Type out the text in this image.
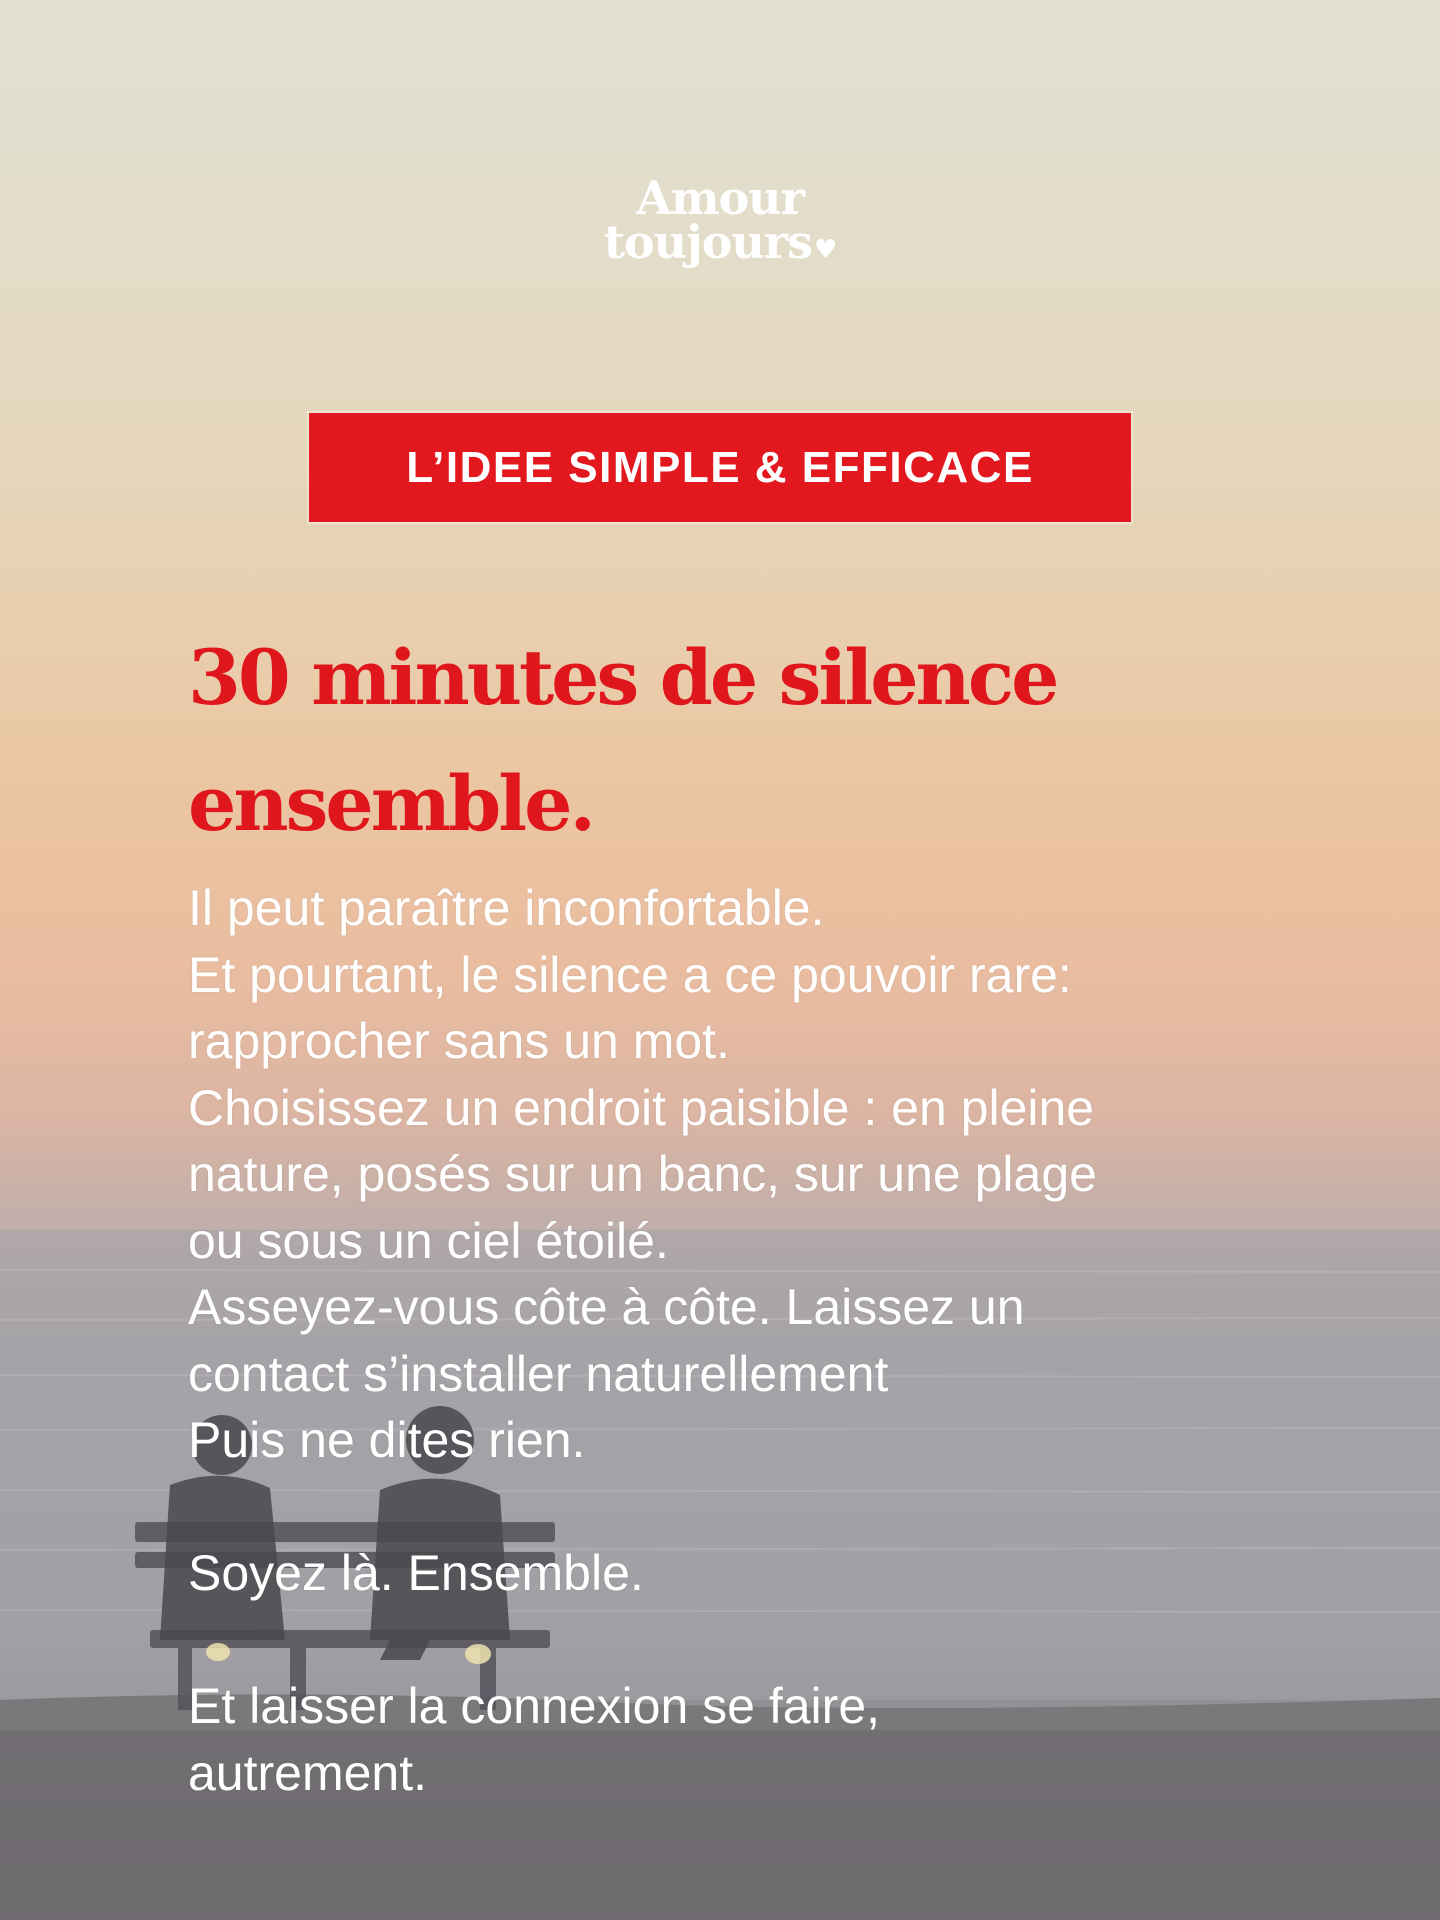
Amour
toujours♥
L’IDEE SIMPLE & EFFICACE
30 minutes de silence
ensemble.
Il peut paraître inconfortable.
Et pourtant, le silence a ce pouvoir rare:
rapprocher sans un mot.
Choisissez un endroit paisible : en pleine
nature, posés sur un banc, sur une plage
ou sous un ciel étoilé.
Asseyez-vous côte à côte. Laissez un
contact s’installer naturellement
Puis ne dites rien.
Soyez là. Ensemble.
Et laisser la connexion se faire,
autrement.
